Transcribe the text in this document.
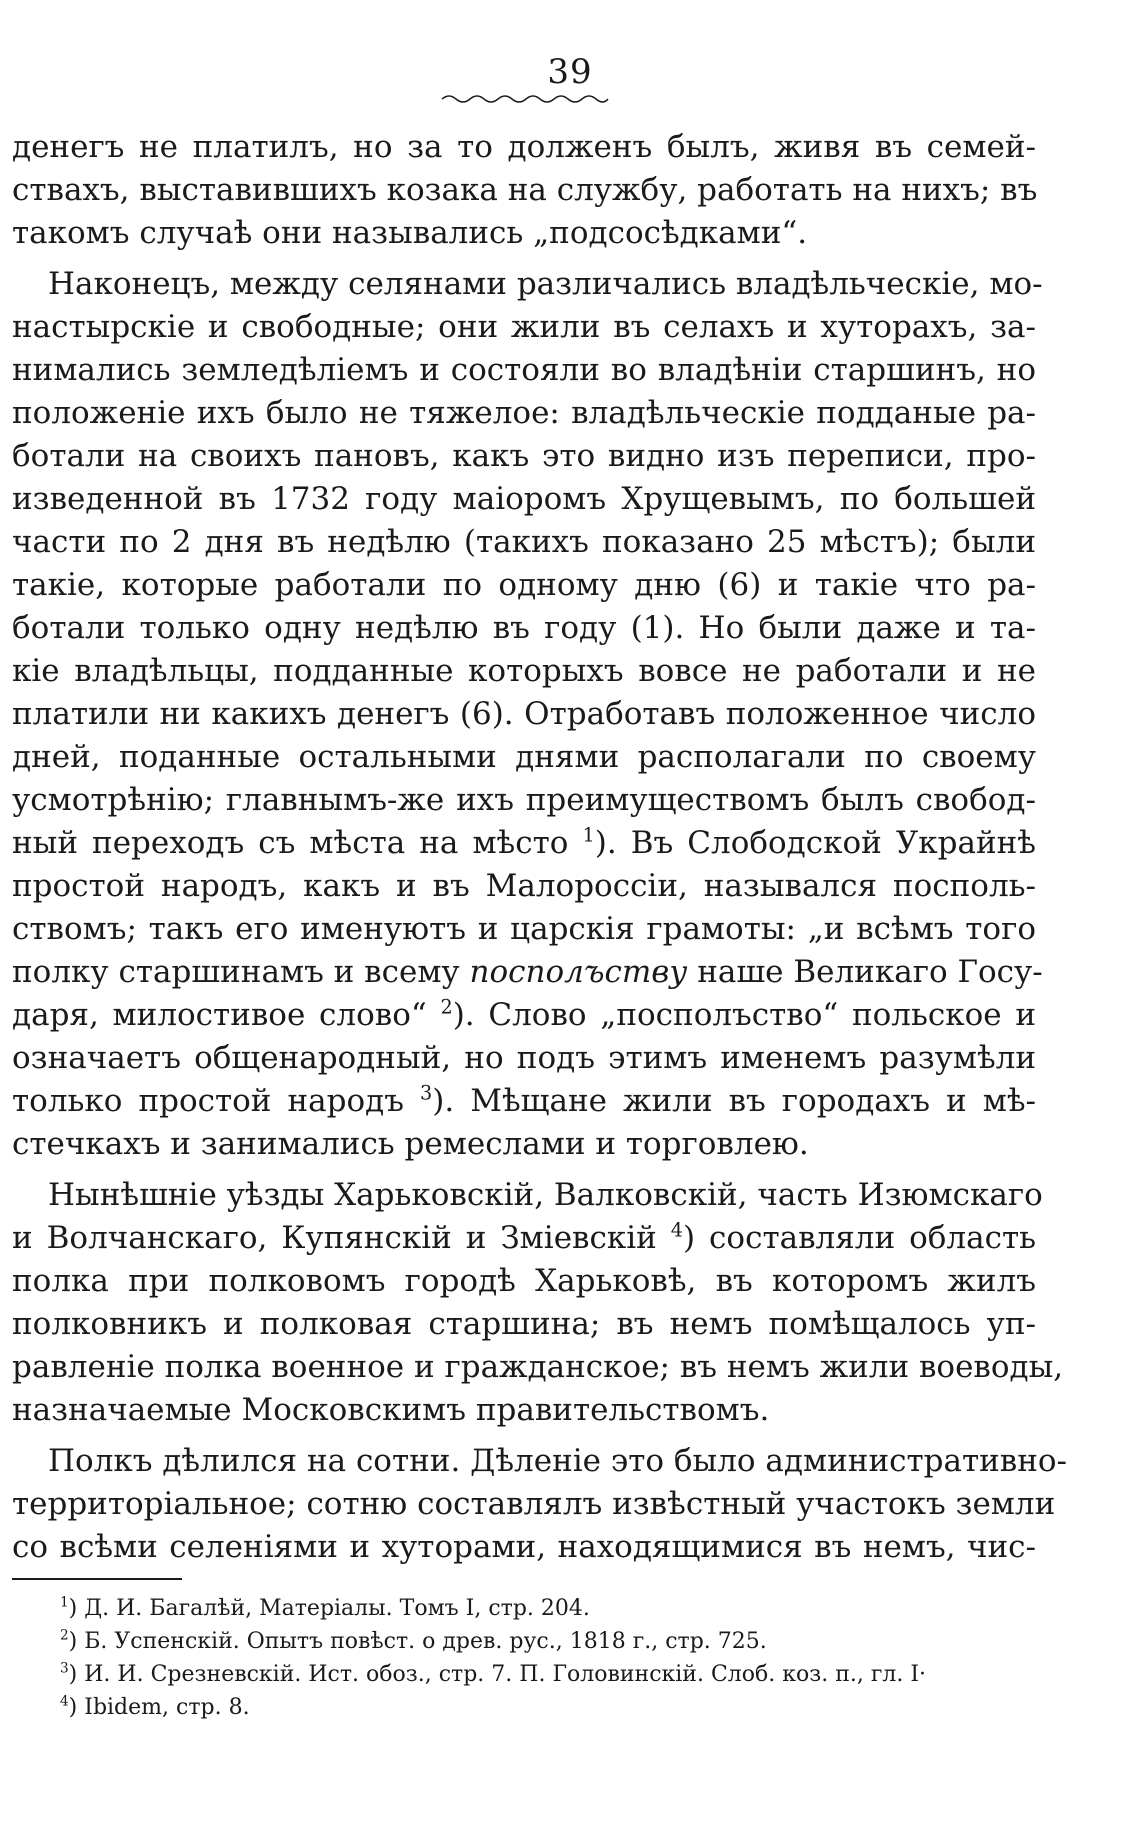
39

денегъ не платилъ, но за то долженъ былъ, живя въ семей-
ствахъ, выставившихъ козака на службу, работать на нихъ; въ
такомъ случаѣ они назывались „подсосѣдками“.

Наконецъ, между селянами различались владѣльческіе, мо-
настырскіе и свободные; они жили въ селахъ и хуторахъ, за-
нимались земледѣліемъ и состояли во владѣніи старшинъ, но
положеніе ихъ было не тяжелое: владѣльческіе подданые ра-
ботали на своихъ пановъ, какъ это видно изъ переписи, про-
изведенной въ 1732 году маіоромъ Хрущевымъ, по большей
части по 2 дня въ недѣлю (такихъ показано 25 мѣстъ); были
такіе, которые работали по одному дню (6) и такіе что ра-
ботали только одну недѣлю въ году (1). Но были даже и та-
кіе владѣльцы, подданные которыхъ вовсе не работали и не
платили ни какихъ денегъ (6). Отработавъ положенное число
дней, поданные остальными днями располагали по своему
усмотрѣнію; главнымъ-же ихъ преимуществомъ былъ свобод-
ный переходъ съ мѣста на мѣсто $^1$). Въ Слободской Украйнѣ
простой народъ, какъ и въ Малороссіи, назывался посполь-
ствомъ; такъ его именуютъ и царскія грамоты: „и всѣмъ того
полку старшинамъ и всему посполъству наше Великаго Госу-
даря, милостивое слово“ $^2$). Слово „посполъство“ польское и
означаетъ общенародный, но подъ этимъ именемъ разумѣли
только простой народъ $^3$). Мѣщане жили въ городахъ и мѣ-
стечкахъ и занимались ремеслами и торговлею.

Нынѣшніе уѣзды Харьковскій, Валковскій, часть Изюмскаго
и Волчанскаго, Купянскій и Зміевскій $^4$) составляли область
полка при полковомъ городѣ Харьковѣ, въ которомъ жилъ
полковникъ и полковая старшина; въ немъ помѣщалось уп-
равленіе полка военное и гражданское; въ немъ жили воеводы,
назначаемые Московскимъ правительствомъ.

Полкъ дѣлился на сотни. Дѣленіе это было административно-
территоріальное; сотню составлялъ извѣстный участокъ земли
со всѣми селеніями и хуторами, находящимися въ немъ, чис-

$^1$) Д. И. Багалѣй, Матеріалы. Томъ I, стр. 204.
$^2$) Б. Успенскій. Опытъ повѣст. о древ. рус., 1818 г., стр. 725.
$^3$) И. И. Срезневскій. Ист. обоз., стр. 7. П. Головинскій. Слоб. коз. п., гл. I·
$^4$) Ibidem, стр. 8.
